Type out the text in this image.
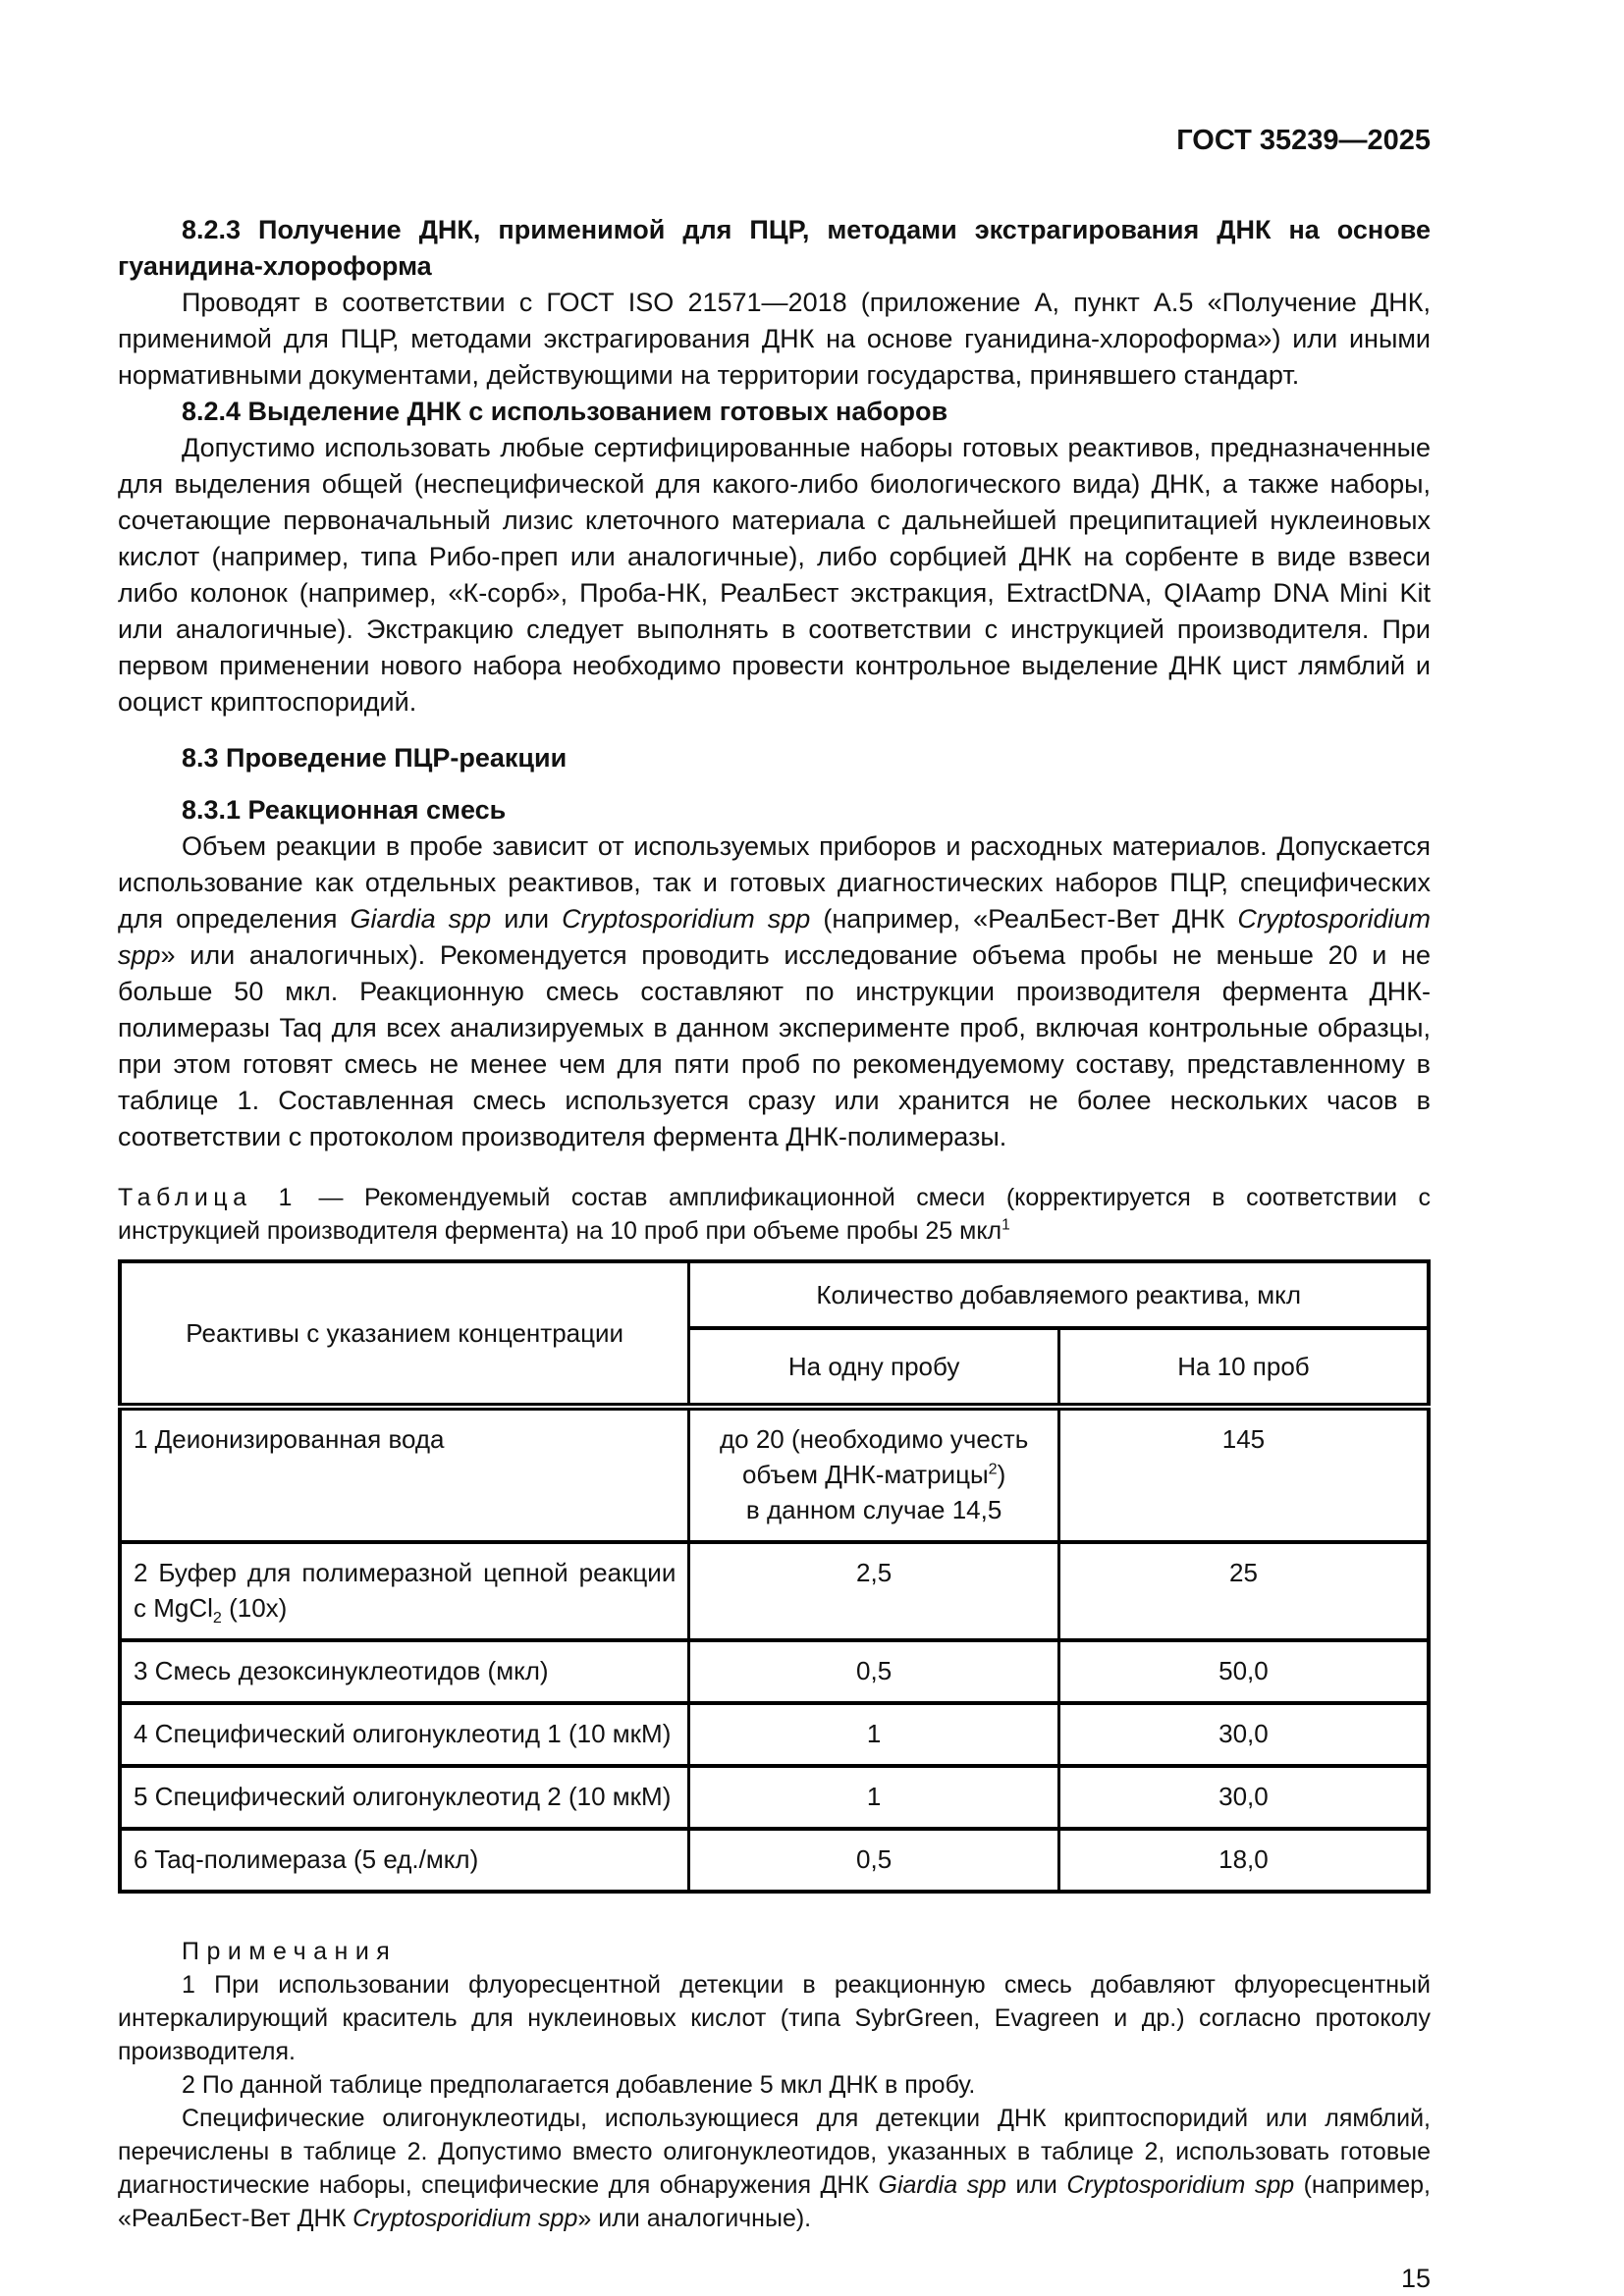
ГОСТ 35239—2025

8.2.3 Получение ДНК, применимой для ПЦР, методами экстрагирования ДНК на основе гуанидина-хлороформа

Проводят в соответствии с ГОСТ ISO 21571—2018 (приложение А, пункт А.5 «Получение ДНК, применимой для ПЦР, методами экстрагирования ДНК на основе гуанидина-хлороформа») или иными нормативными документами, действующими на территории государства, принявшего стандарт.

8.2.4 Выделение ДНК с использованием готовых наборов

Допустимо использовать любые сертифицированные наборы готовых реактивов, предназначенные для выделения общей (неспецифической для какого-либо биологического вида) ДНК, а также наборы, сочетающие первоначальный лизис клеточного материала с дальнейшей преципитацией нуклеиновых кислот (например, типа Рибо-преп или аналогичные), либо сорбцией ДНК на сорбенте в виде взвеси либо колонок (например, «К-сорб», Проба-НК, РеалБест экстракция, ExtractDNA, QIAamp DNA Mini Kit или аналогичные). Экстракцию следует выполнять в соответствии с инструкцией производителя. При первом применении нового набора необходимо провести контрольное выделение ДНК цист лямблий и ооцист криптоспоридий.

8.3 Проведение ПЦР-реакции

8.3.1 Реакционная смесь

Объем реакции в пробе зависит от используемых приборов и расходных материалов. Допускается использование как отдельных реактивов, так и готовых диагностических наборов ПЦР, специфических для определения Giardia spp или Cryptosporidium spp (например, «РеалБест-Вет ДНК Cryptosporidium spp» или аналогичных). Рекомендуется проводить исследование объема пробы не меньше 20 и не больше 50 мкл. Реакционную смесь составляют по инструкции производителя фермента ДНК-полимеразы Taq для всех анализируемых в данном эксперименте проб, включая контрольные образцы, при этом готовят смесь не менее чем для пяти проб по рекомендуемому составу, представленному в таблице 1. Составленная смесь используется сразу или хранится не более нескольких часов в соответствии с протоколом производителя фермента ДНК-полимеразы.

Таблица 1 — Рекомендуемый состав амплификационной смеси (корректируется в соответствии с инструкцией производителя фермента) на 10 проб при объеме пробы 25 мкл$^1$

Реактивы с указанием концентрации	Количество добавляемого реактива, мкл	
	На одну пробу	На 10 проб
1 Деионизированная вода	до 20 (необходимо учесть
объем ДНК-матрицы$^2$)
в данном случае 14,5	145
2 Буфер для полимеразной цепной реакции с MgCl$_2$ (10x)	2,5	25
3 Смесь дезоксинуклеотидов (мкл)	0,5	50,0
4 Специфический олигонуклеотид 1 (10 мкМ)	1	30,0
5 Специфический олигонуклеотид 2 (10 мкМ)	1	30,0
6 Taq-полимераза (5 ед./мкл)	0,5	18,0

Примечания

1 При использовании флуоресцентной детекции в реакционную смесь добавляют флуоресцентный интеркалирующий краситель для нуклеиновых кислот (типа SybrGreen, Evagreen и др.) согласно протоколу производителя.

2 По данной таблице предполагается добавление 5 мкл ДНК в пробу.

Специфические олигонуклеотиды, использующиеся для детекции ДНК криптоспоридий или лямблий, перечислены в таблице 2. Допустимо вместо олигонуклеотидов, указанных в таблице 2, использовать готовые диагностические наборы, специфические для обнаружения ДНК Giardia spp или Cryptosporidium spp (например, «РеалБест-Вет ДНК Cryptosporidium spp» или аналогичные).

15
